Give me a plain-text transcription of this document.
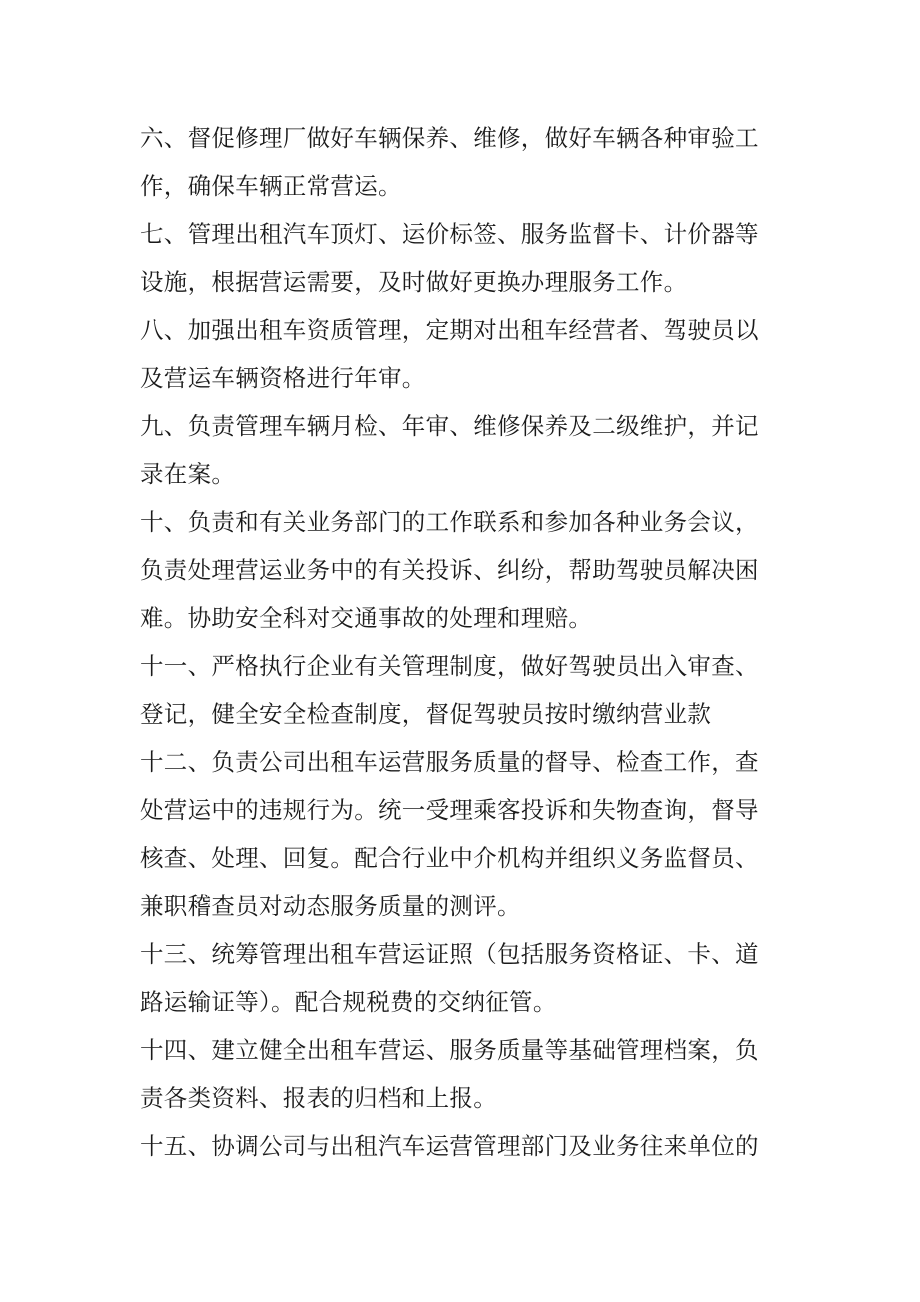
六、督促修理厂做好车辆保养、维修，做好车辆各种审验工
作，确保车辆正常营运。
七、管理出租汽车顶灯、运价标签、服务监督卡、计价器等
设施，根据营运需要，及时做好更换办理服务工作。
八、加强出租车资质管理，定期对出租车经营者、驾驶员以
及营运车辆资格进行年审。
九、负责管理车辆月检、年审、维修保养及二级维护，并记
录在案。
十、负责和有关业务部门的工作联系和参加各种业务会议，
负责处理营运业务中的有关投诉、纠纷，帮助驾驶员解决困
难。协助安全科对交通事故的处理和理赔。
十一、严格执行企业有关管理制度，做好驾驶员出入审查、
登记，健全安全检查制度，督促驾驶员按时缴纳营业款
十二、负责公司出租车运营服务质量的督导、检查工作，查
处营运中的违规行为。统一受理乘客投诉和失物查询，督导
核查、处理、回复。配合行业中介机构并组织义务监督员、
兼职稽查员对动态服务质量的测评。
十三、统筹管理出租车营运证照（包括服务资格证、卡、道
路运输证等）。配合规税费的交纳征管。
十四、建立健全出租车营运、服务质量等基础管理档案，负
责各类资料、报表的归档和上报。
十五、协调公司与出租汽车运营管理部门及业务往来单位的
